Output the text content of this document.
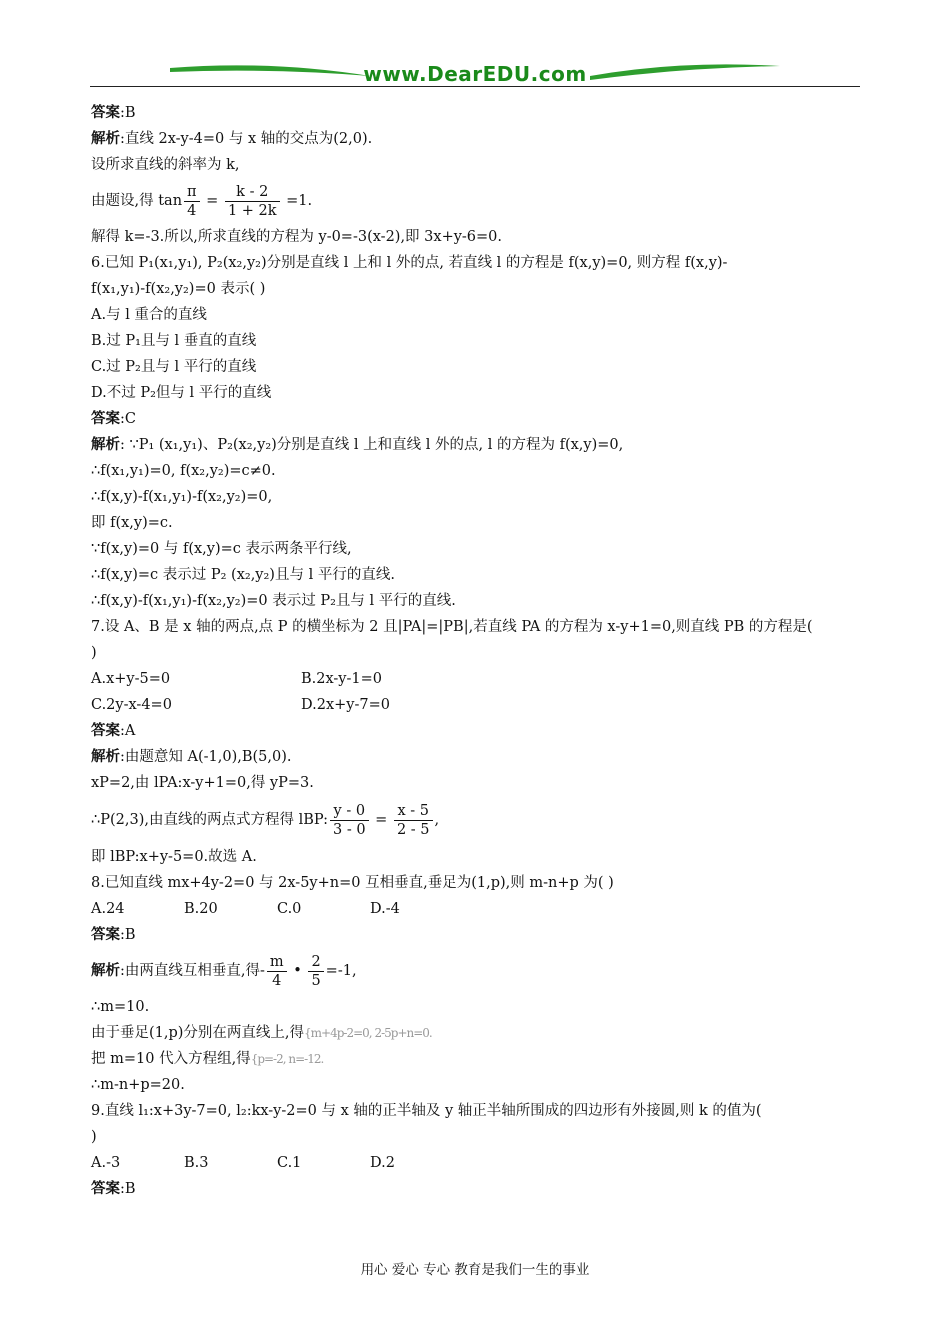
www.DearEDU.com
答案:B
解析:直线 2x-y-4=0 与 x 轴的交点为(2,0).
设所求直线的斜率为 k,
由题设,得 $\tan \frac{\pi}{4} = \frac{k - 2}{1 + 2k} =1$.
解得 k=-3.所以,所求直线的方程为 y-0=-3(x-2),即 3x+y-6=0.
6.已知 P₁(x₁,y₁), P₂(x₂,y₂)分别是直线 l 上和 l 外的点, 若直线 l 的方程是 f(x,y)=0, 则方程 f(x,y)-
f(x₁,y₁)-f(x₂,y₂)=0 表示( )
A.与 l 重合的直线
B.过 P₁且与 l 垂直的直线
C.过 P₂且与 l 平行的直线
D.不过 P₂但与 l 平行的直线
答案:C
解析: ∵P₁ (x₁,y₁)、P₂(x₂,y₂)分别是直线 l 上和直线 l 外的点, l 的方程为 f(x,y)=0,
∴f(x₁,y₁)=0, f(x₂,y₂)=c≠0.
∴f(x,y)-f(x₁,y₁)-f(x₂,y₂)=0,
即 f(x,y)=c.
∵f(x,y)=0 与 f(x,y)=c 表示两条平行线,
∴f(x,y)=c 表示过 P₂ (x₂,y₂)且与 l 平行的直线.
∴f(x,y)-f(x₁,y₁)-f(x₂,y₂)=0 表示过 P₂且与 l 平行的直线.
7.设 A、B 是 x 轴的两点,点 P 的横坐标为 2 且|PA|=|PB|,若直线 PA 的方程为 x-y+1=0,则直线 PB 的方程是(
)
A.x+y-5=0	B.2x-y-1=0
C.2y-x-4=0	D.2x+y-7=0
答案:A
解析:由题意知 A(-1,0),B(5,0).
xP=2,由 lPA:x-y+1=0,得 yP=3.
∴P(2,3),由直线的两点式方程得 lBP: $\frac{y - 0}{3 - 0} = \frac{x - 5}{2 - 5}$ ,
即 lBP:x+y-5=0.故选 A.
8.已知直线 mx+4y-2=0 与 2x-5y+n=0 互相垂直,垂足为(1,p),则 m-n+p 为( )
A.24	B.20	C.0	D.-4
答案:B
解析:由两直线互相垂直,得- $\frac{m}{4}$ • $\frac{2}{5} =-1$,
∴m=10.
由于垂足(1,p)分别在两直线上,得{m+4p-2=0, 2-5p+n=0.
把 m=10 代入方程组,得{p=-2, n=-12.
∴m-n+p=20.
9.直线 l₁:x+3y-7=0, l₂:kx-y-2=0 与 x 轴的正半轴及 y 轴正半轴所围成的四边形有外接圆,则 k 的值为(
)
A.-3	B.3	C.1	D.2
答案:B
用心 爱心 专心 教育是我们一生的事业
